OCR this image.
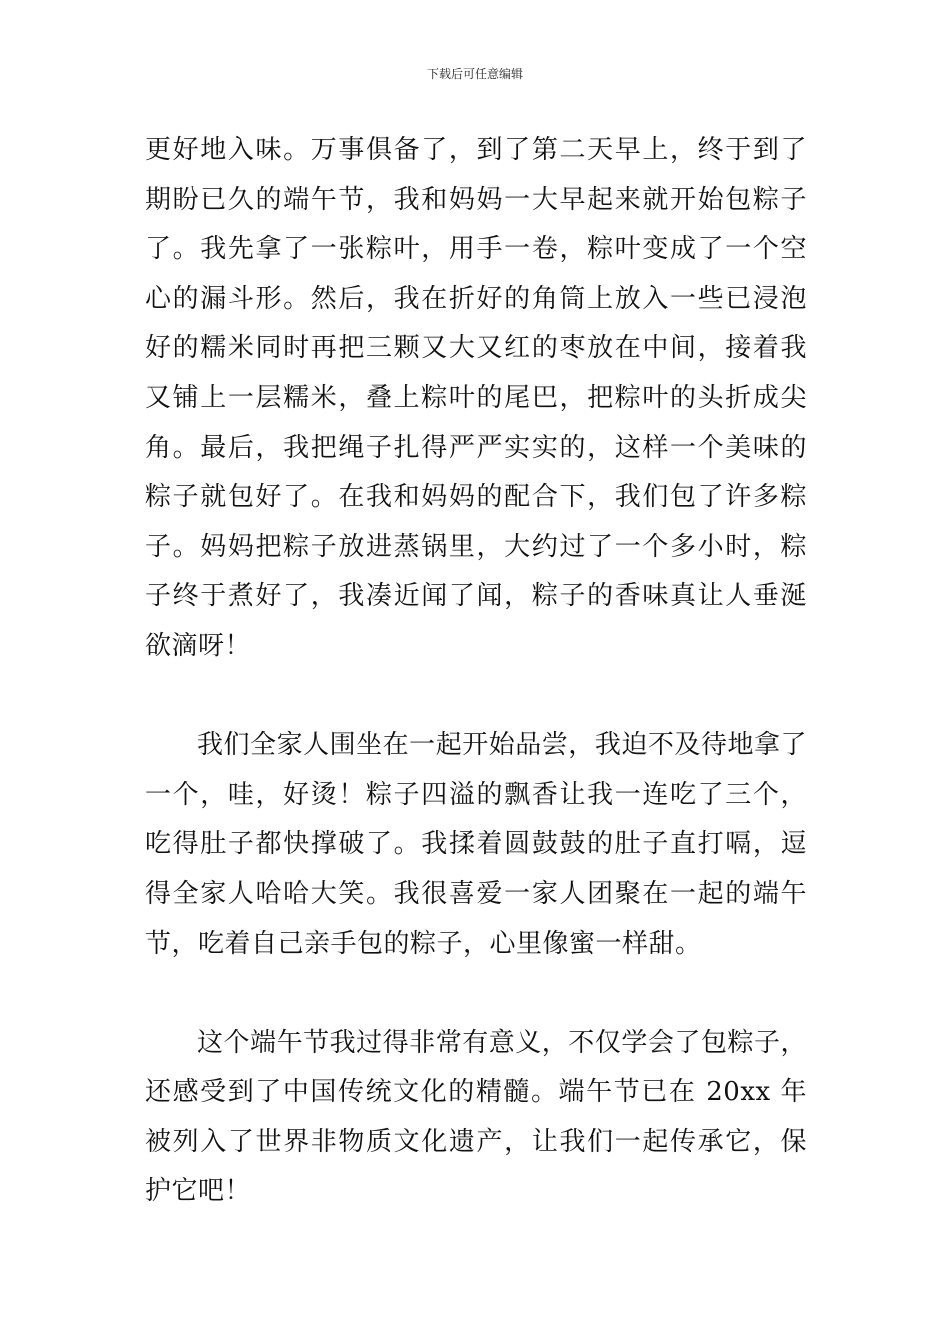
下载后可任意编辑

更好地入味。万事俱备了，到了第二天早上，终于到了期盼已久的端午节，我和妈妈一大早起来就开始包粽子了。我先拿了一张粽叶，用手一卷，粽叶变成了一个空心的漏斗形。然后，我在折好的角筒上放入一些已浸泡好的糯米同时再把三颗又大又红的枣放在中间，接着我又铺上一层糯米，叠上粽叶的尾巴，把粽叶的头折成尖角。最后，我把绳子扎得严严实实的，这样一个美味的粽子就包好了。在我和妈妈的配合下，我们包了许多粽子。妈妈把粽子放进蒸锅里，大约过了一个多小时，粽子终于煮好了，我凑近闻了闻，粽子的香味真让人垂涎欲滴呀！

我们全家人围坐在一起开始品尝，我迫不及待地拿了一个，哇，好烫！粽子四溢的飘香让我一连吃了三个，吃得肚子都快撑破了。我揉着圆鼓鼓的肚子直打嗝，逗得全家人哈哈大笑。我很喜爱一家人团聚在一起的端午节，吃着自己亲手包的粽子，心里像蜜一样甜。

这个端午节我过得非常有意义，不仅学会了包粽子，还感受到了中国传统文化的精髓。端午节已在 20xx 年被列入了世界非物质文化遗产，让我们一起传承它，保护它吧！
